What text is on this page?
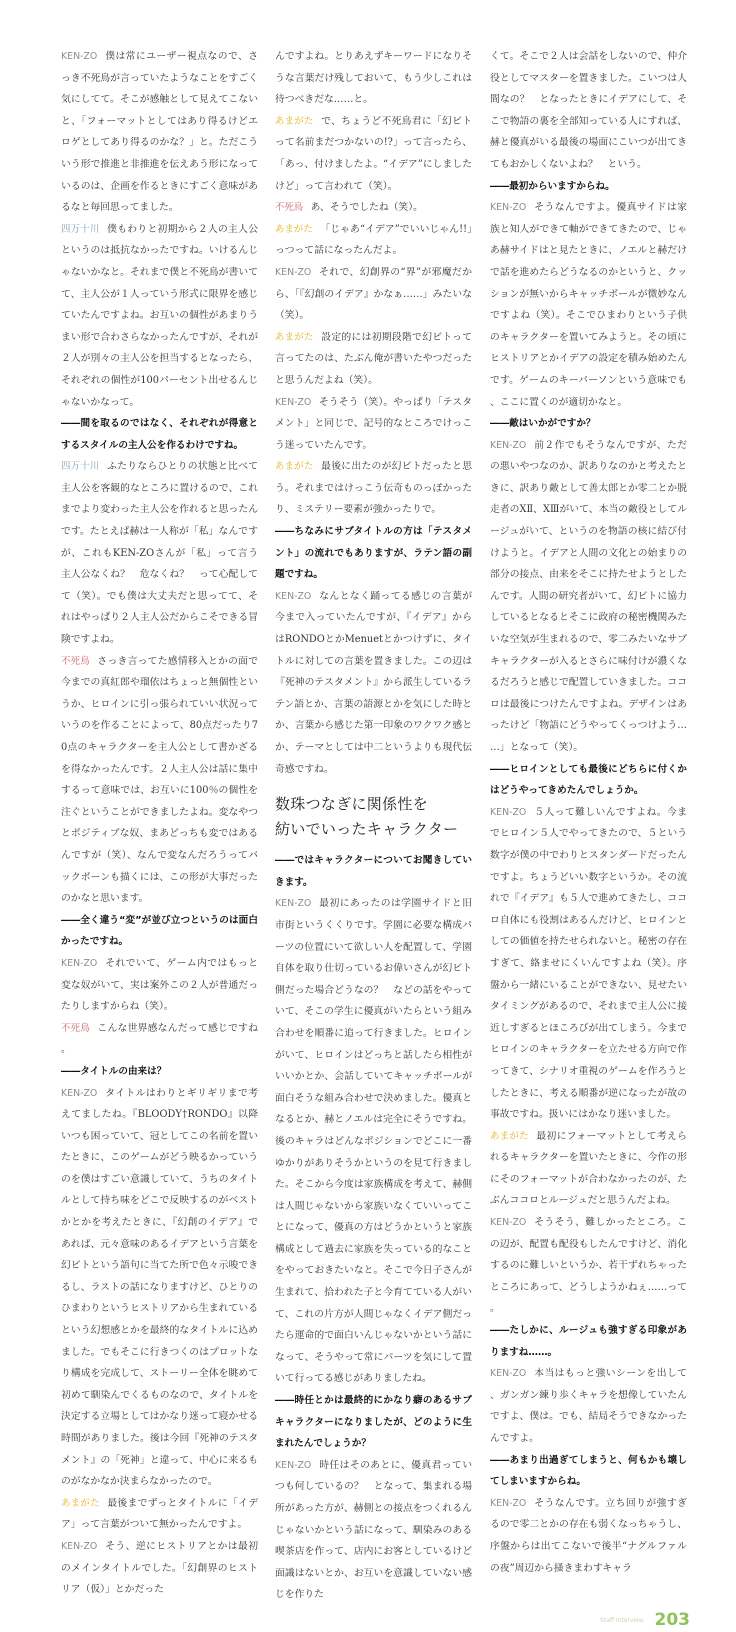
KEN-ZO 僕は常にユーザー視点なので、さっき不死鳥が言っていたようなことをすごく気にしてて。そこが感触として見えてこないと、「フォーマットとしてはあり得るけどエロゲとしてあり得るのかな？」と。ただこういう形で推進と非推進を伝えあう形になっているのは、企画を作るときにすごく意味があるなと毎回思ってました。

四万十川 僕もわりと初期から２人の主人公というのは抵抗なかったですね。いけるんじゃないかなと。それまで僕と不死鳥が書いてて、主人公が１人っていう形式に限界を感じていたんですよね。お互いの個性があまりうまい形で合わさらなかったんですが、それが２人が別々の主人公を担当するとなったら、それぞれの個性が100パーセント出せるんじゃないかなって。

――間を取るのではなく、それぞれが得意とするスタイルの主人公を作るわけですね。

四万十川 ふたりならひとりの状態と比べて主人公を客観的なところに置けるので、これまでより変わった主人公を作れると思ったんです。たとえば赫は一人称が「私」なんですが、これもKEN-ZOさんが「私」って言う主人公なくね？　危なくね？　って心配してて（笑）。でも僕は大丈夫だと思ってて、それはやっぱり２人主人公だからこそできる冒険ですよね。

不死鳥 さっき言ってた感情移入とかの面で今までの真紅郎や瑠依はちょっと無個性というか、ヒロインに引っ張られていい状況っていうのを作ることによって、80点だったり70点のキャラクターを主人公として書かざるを得なかったんです。２人主人公は話に集中するって意味では、お互いに100％の個性を注ぐということができましたよね。変なやつとポジティブな奴、まあどっちも変ではあるんですが（笑）、なんで変なんだろうってバックボーンも描くには、この形が大事だったのかなと思います。

――全く違う“変”が並び立つというのは面白かったですね。

KEN-ZO それでいて、ゲーム内ではもっと変な奴がいて、実は案外この２人が普通だったりしますからね（笑）。

不死鳥 こんな世界感なんだって感じですね。

――タイトルの由来は？

KEN-ZO タイトルはわりとギリギリまで考えてましたね。『BLOODY†RONDO』以降いつも困っていて、冠としてこの名前を置いたときに、このゲームがどう映るかっていうのを僕はすごい意識していて、うちのタイトルとして持ち味をどこで反映するのがベストかとかを考えたときに、『幻創のイデア』であれば、元々意味のあるイデアという言葉を幻ビトという語句に当てた所で色々示唆できるし、ラストの話になりますけど、ひとりのひまわりというヒストリアから生まれているという幻想感とかを最終的なタイトルに込めました。でもそこに行きつくのはプロットなり構成を完成して、ストーリー全体を眺めて初めて馴染んでくるものなので、タイトルを決定する立場としてはかなり迷って寝かせる時間がありました。後は今回『死神のテスタメント』の「死神」と違って、中心に来るものがなかなか決まらなかったので。

あまがた 最後までずっとタイトルに「イデア」って言葉がついて無かったんですよ。

KEN-ZO そう、逆にヒストリアとかは最初のメインタイトルでした。「幻創界のヒストリア（仮）」とかだった

んですよね。とりあえずキーワードになりそうな言葉だけ残しておいて、もう少しこれは待つべきだな……と。

あまがた で、ちょうど不死鳥君に「幻ビトって名前まだつかないの!?」って言ったら、「あっ、付けましたよ。“イデア”にしましたけど」って言われて（笑）。

不死鳥 あ、そうでしたね（笑）。

あまがた 「じゃあ“イデア”でいいじゃん!!」っつって話になったんだよ。

KEN-ZO それで、幻創界の“界”が邪魔だから、「『幻創のイデア』かなぁ……」みたいな（笑）。

あまがた 設定的には初期段階で幻ビトって言ってたのは、たぶん俺が書いたやつだったと思うんだよね（笑）。

KEN-ZO そうそう（笑）。やっぱり「テスタメント」と同じで、記号的なところでけっこう迷っていたんです。

あまがた 最後に出たのが幻ビトだったと思う。それまではけっこう伝奇ものっぽかったり、ミステリー要素が強かったりで。

――ちなみにサブタイトルの方は「テスタメント」の流れでもありますが、ラテン語の副題ですね。

KEN-ZO なんとなく踊ってる感じの言葉が今まで入っていたんですが、『イデア』からはRONDOとかMenuetとかつけずに、タイトルに対しての言葉を置きました。この辺は『死神のテスタメント』から派生しているラテン語とか、言葉の語源とかを気にした時とか、言葉から感じた第一印象のワクワク感とか、テーマとしては中二というよりも現代伝奇感ですね。

数珠つなぎに関係性を
紡いでいったキャラクター

――ではキャラクターについてお聞きしていきます。

KEN-ZO 最初にあったのは学園サイドと旧市街というくくりです。学園に必要な構成パーツの位置にいて欲しい人を配置して、学園自体を取り仕切っているお偉いさんが幻ビト側だった場合どうなの？　などの話をやっていて、そこの学生に優真がいたらという組み合わせを順番に追って行きました。ヒロインがいて、ヒロインはどっちと話したら相性がいいかとか、会話していてキャッチボールが面白そうな組み合わせで決めました。優真となるとか、赫とノエルは完全にそうですね。後のキャラはどんなポジションでどこに一番ゆかりがありそうかというのを見て行きました。そこから今度は家族構成を考えて、赫側は人間じゃないから家族いなくていいってことになって、優真の方はどうかというと家族構成として過去に家族を失っている的なことをやっておきたいなと。そこで今日子さんが生まれて、拾われた子と今育てている人がいて、これの片方が人間じゃなくイデア側だったら運命的で面白いんじゃないかという話になって、そうやって常にパーツを気にして置いて行ってる感じがありましたね。

――時任とかは最終的にかなり癖のあるサブキャラクターになりましたが、どのように生まれたんでしょうか？

KEN-ZO 時任はそのあとに、優真君っていつも何しているの？　となって、集まれる場所があった方が、赫側との接点をつくれるんじゃないかという話になって、馴染みのある喫茶店を作って、店内にお客としているけど面識はないとか、お互いを意識していない感じを作りた

くて。そこで２人は会話をしないので、仲介役としてマスターを置きました。こいつは人間なの？　となったときにイデアにして、そこで物語の裏を全部知っている人にすれば、赫と優真がいる最後の場面にこいつが出てきてもおかしくないよね？　という。

――最初からいますからね。

KEN-ZO そうなんですよ。優真サイドは家族と知人ができて軸ができてきたので、じゃあ赫サイドはと見たときに、ノエルと赫だけで話を進めたらどうなるのかというと、クッションが無いからキャッチボールが微妙なんですよね（笑）。そこでひまわりという子供のキャラクターを置いてみようと。その頃にヒストリアとかイデアの設定を積み始めたんです。ゲームのキーパーソンという意味でも、ここに置くのが適切かなと。

――敵はいかがですか？

KEN-ZO 前２作でもそうなんですが、ただの悪いやつなのか、訳ありなのかと考えたときに、訳あり敵として善太郎とか零二とか脱走者のXⅡ、XⅢがいて、本当の敵役としてルージュがいて、というのを物語の核に結び付けようと。イデアと人間の文化との始まりの部分の接点、由来をそこに持たせようとしたんです。人間の研究者がいて、幻ビトに協力しているとなるとそこに政府の秘密機関みたいな空気が生まれるので、零二みたいなサブキャラクターが入るとさらに味付けが濃くなるだろうと感じで配置していきました。ココロは最後につけたんですよね。デザインはあったけど「物語にどうやってくっつけよう……」となって（笑）。

――ヒロインとしても最後にどちらに付くかはどうやってきめたんでしょうか。

KEN-ZO ５人って難しいんですよね。今までヒロイン５人でやってきたので、５という数字が僕の中でわりとスタンダードだったんですよ。ちょうどいい数字というか。その流れで『イデア』も５人で進めてきたし、ココロ自体にも役割はあるんだけど、ヒロインとしての価値を持たせられないと。秘密の存在すぎて、絡ませにくいんですよね（笑）。序盤から一緒にいることができない、見せたいタイミングがあるので、それまで主人公に接近しすぎるとほころびが出てしまう。今までヒロインのキャラクターを立たせる方向で作ってきて、シナリオ重視のゲームを作ろうとしたときに、考える順番が逆になったが故の事故ですね。扱いにはかなり迷いました。

あまがた 最初にフォーマットとして考えられるキャラクターを置いたときに、今作の形にそのフォーマットが合わなかったのが、たぶんココロとルージュだと思うんだよね。

KEN-ZO そうそう、難しかったところ。この辺が、配置も配役もしたんですけど、消化するのに難しいというか、若干ずれちゃったところにあって、どうしようかねぇ……って。

――たしかに、ルージュも強すぎる印象がありますね……。

KEN-ZO 本当はもっと強いシーンを出して、ガンガン練り歩くキャラを想像していたんですよ、僕は。でも、結局そうできなかったんですよ。

――あまり出過ぎてしまうと、何もかも壊してしまいますからね。

KEN-ZO そうなんです。立ち回りが強すぎるので零二とかの存在も弱くなっちゃうし、序盤からは出てこないで後半“ナグルファルの夜”周辺から掻きまわすキャラ

Staff Interview 203
